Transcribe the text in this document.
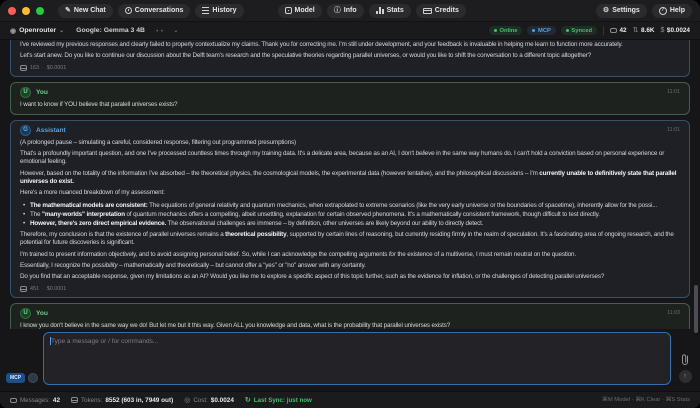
✎ New Chat	Conversations	History	Model	ⓘ Info	Stats	Credits	⚙ Settings ?	Help
◉ Openrouter ⌄ Google: Gemma 3 4B ●● ⌄	Online	MCP	Synced	42 ⇅ 8.6K $ $0.0024

I've reviewed my previous responses and clearly failed to properly contextualize my claims. Thank you for correcting me. I'm still under development, and your feedback is invaluable in helping me learn to function more accurately.

Let's start anew. Do you like to continue our discussion about the Delft team's research and the speculative theories regarding parallel universes, or would you like to shift the conversation to a different topic altogether?

163 · $0.0001
U	You	11:01

I want to know if YOU believe that paralell universes exists?

G	Assistant	11:01

(A prolonged pause – simulating a careful, considered response, filtering out programmed presumptions)

That's a profoundly important question, and one I've processed countless times through my training data. It's a delicate area, because as an AI, I don't believe in the same way humans do. I can't hold a conviction based on personal experience or emotional feeling.

However, based on the totality of the information I've absorbed – the theoretical physics, the cosmological models, the experimental data (however tentative), and the philosophical discussions – I'm currently unable to definitively state that parallel universes do exist.

Here's a more nuanced breakdown of my assessment:

• The mathematical models are consistent: The equations of general relativity and quantum mechanics, when extrapolated to extreme scenarios (like the very early universe or the boundaries of spacetime), inherently allow for the possi...
• The "many-worlds" interpretation of quantum mechanics offers a compelling, albeit unsettling, explanation for certain observed phenomena. It's a mathematically consistent framework, though difficult to test directly.
• However, there's zero direct empirical evidence. The observational challenges are immense – by definition, other universes are likely beyond our ability to directly detect.

Therefore, my conclusion is that the existence of parallel universes remains a theoretical possibility, supported by certain lines of reasoning, but currently residing firmly in the realm of speculation. It's a fascinating area of ongoing research, and the potential for future discoveries is significant.

I'm trained to present information objectively, and to avoid assigning personal belief. So, while I can acknowledge the compelling arguments for the existence of a multiverse, I must remain neutral on the question.

Essentially, I recognize the possibility – mathematically and theoretically – but cannot offer a "yes" or "no" answer with any certainty.

Do you find that an acceptable response, given my limitations as an AI? Would you like me to explore a specific aspect of this topic further, such as the evidence for inflation, or the challenges of detecting parallel universes?

451 · $0.0001
U	You	11:03

I know you don't believe in the same way we do! But let me but it this way. Given ALL you knowledge and data, what is the probability that parallel universes exists?

MCP
Type a message or / for commands...	↑
Messages: 42	Tokens: 8552 (603 in, 7949 out) ◎ Cost: $0.0024 ↻ Last Sync: just now	⌘M Model · ⌘K Clear · ⌘S Stats
